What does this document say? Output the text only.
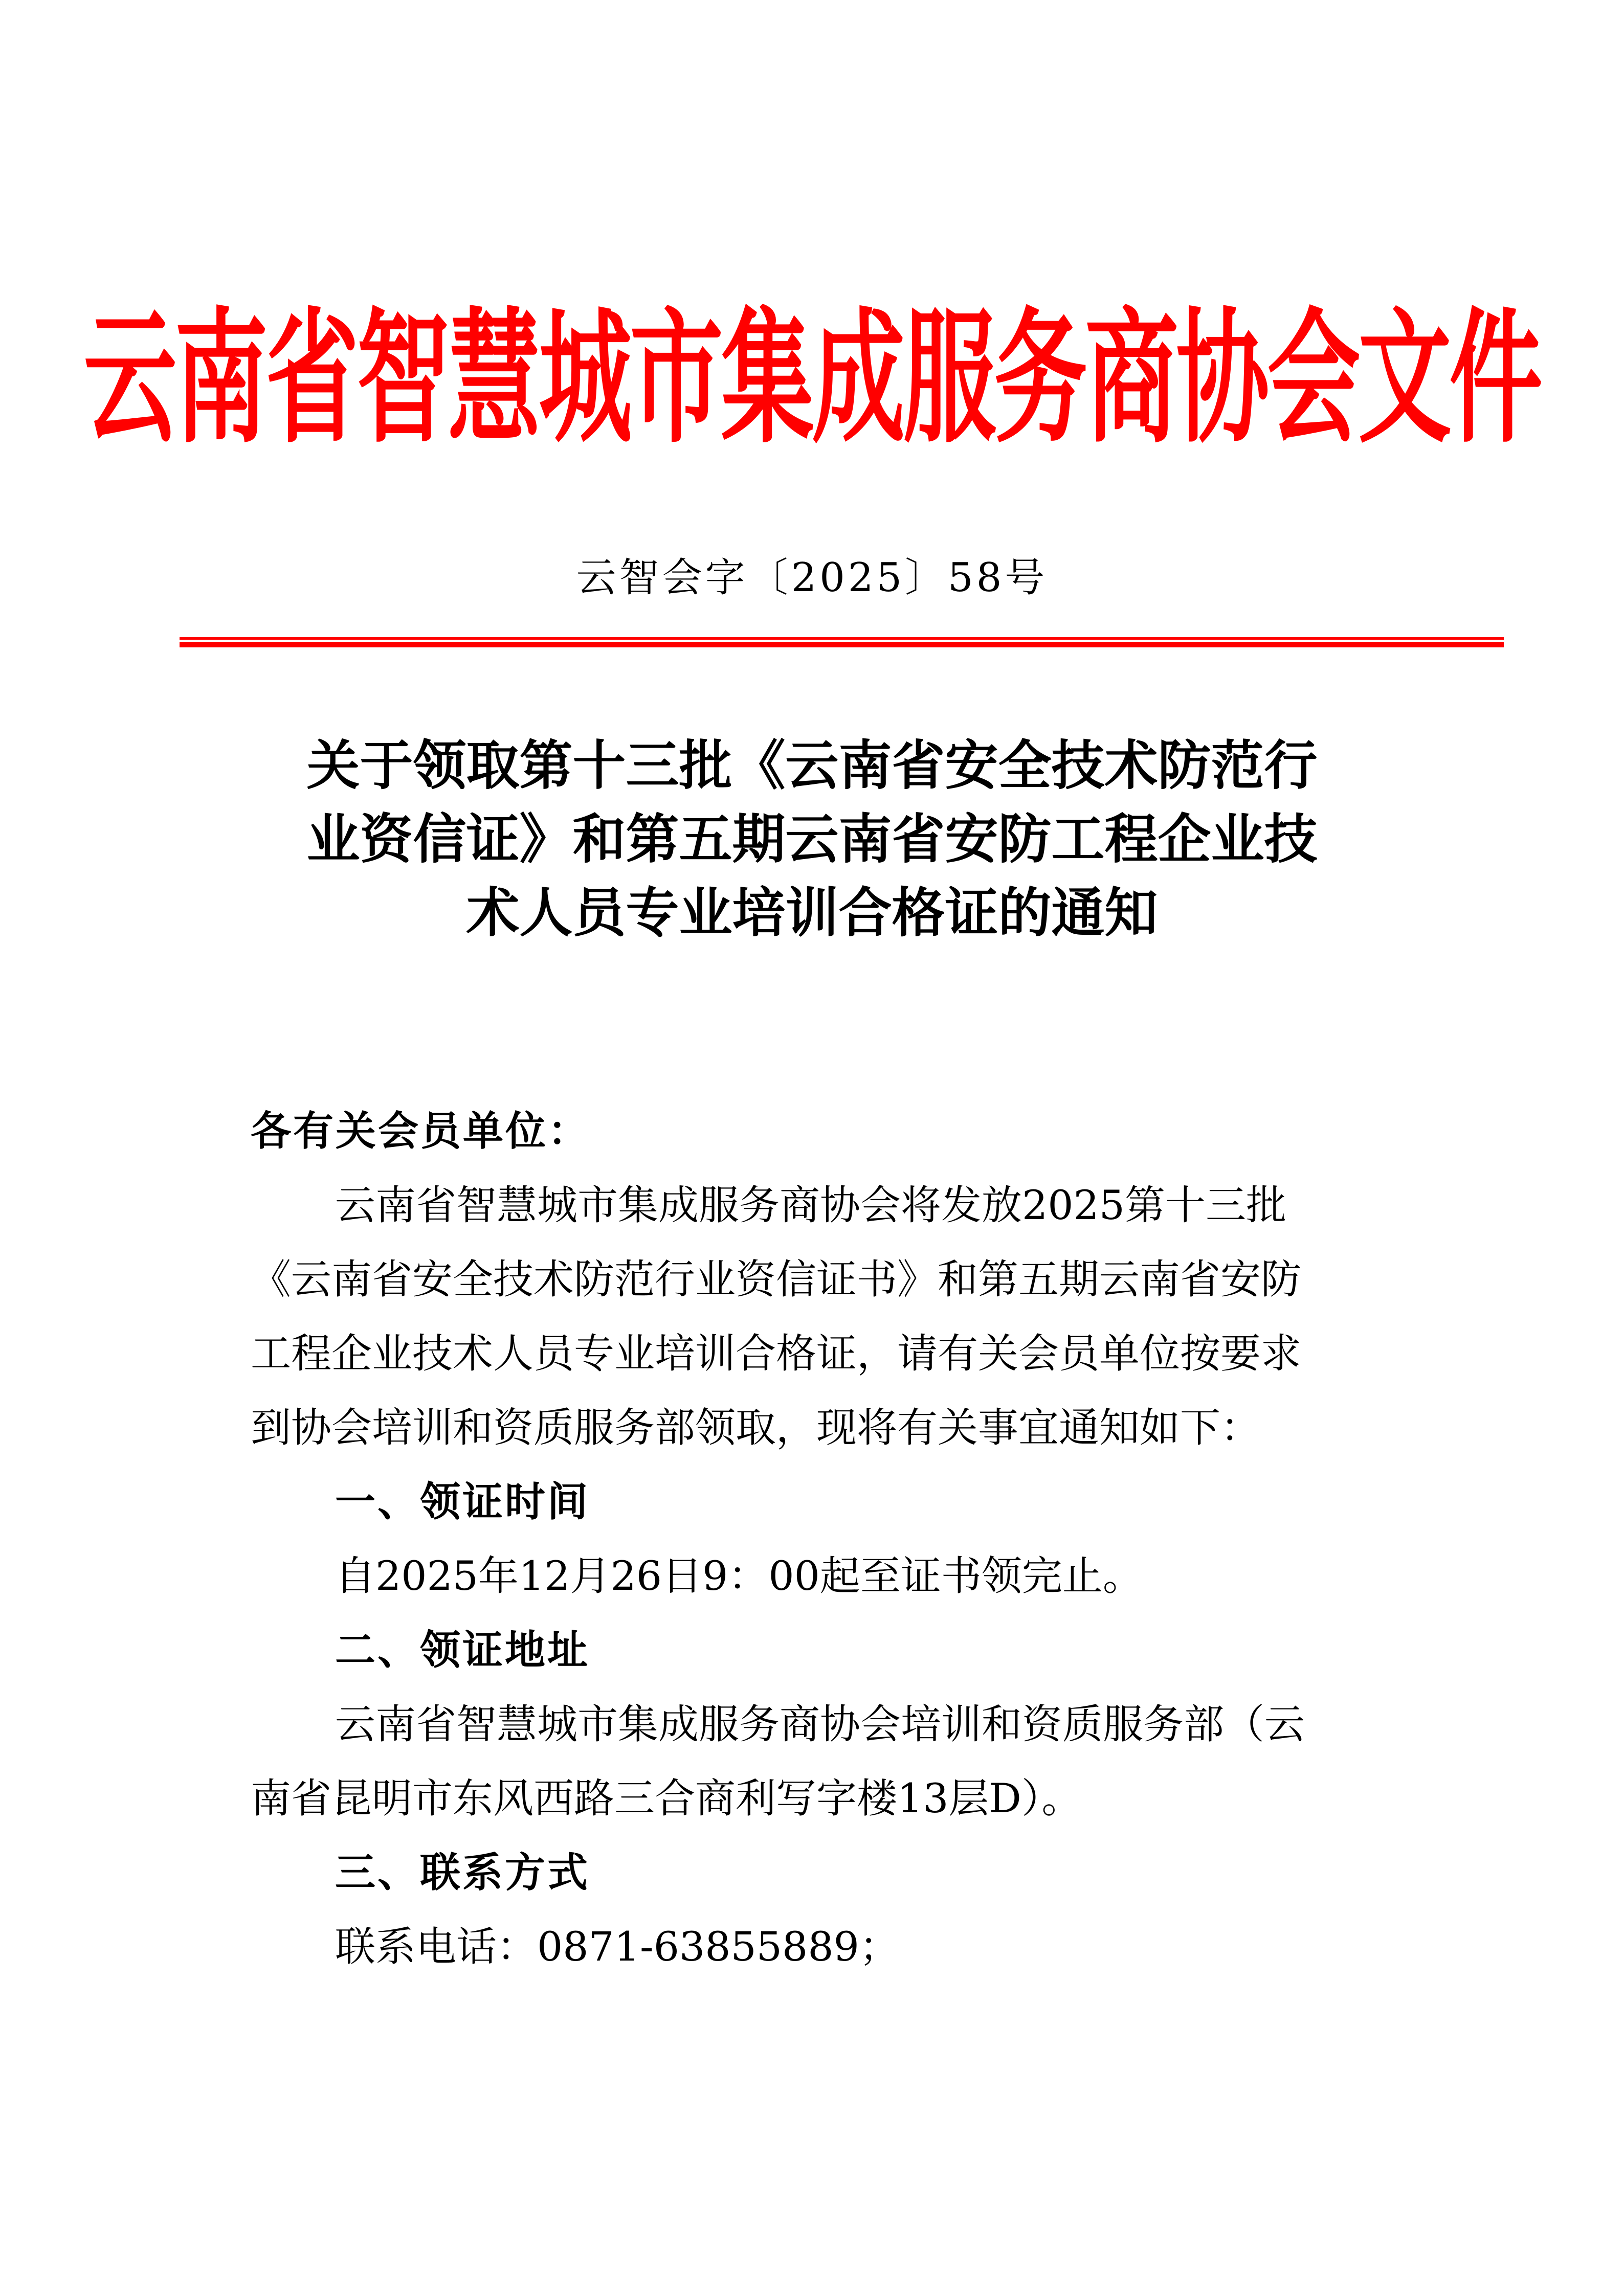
云南省智慧城市集成服务商协会文件
云智会字〔2025〕58号
关于领取第十三批《云南省安全技术防范行
业资信证》和第五期云南省安防工程企业技
术人员专业培训合格证的通知
各有关会员单位：
云南省智慧城市集成服务商协会将发放2025第十三批
《云南省安全技术防范行业资信证书》和第五期云南省安防
工程企业技术人员专业培训合格证，请有关会员单位按要求
到协会培训和资质服务部领取，现将有关事宜通知如下：
一、领证时间
自2025年12月26日9：00起至证书领完止。
二、领证地址
云南省智慧城市集成服务商协会培训和资质服务部（云
南省昆明市东风西路三合商利写字楼13层D）。
三、联系方式
联系电话：0871-63855889；
